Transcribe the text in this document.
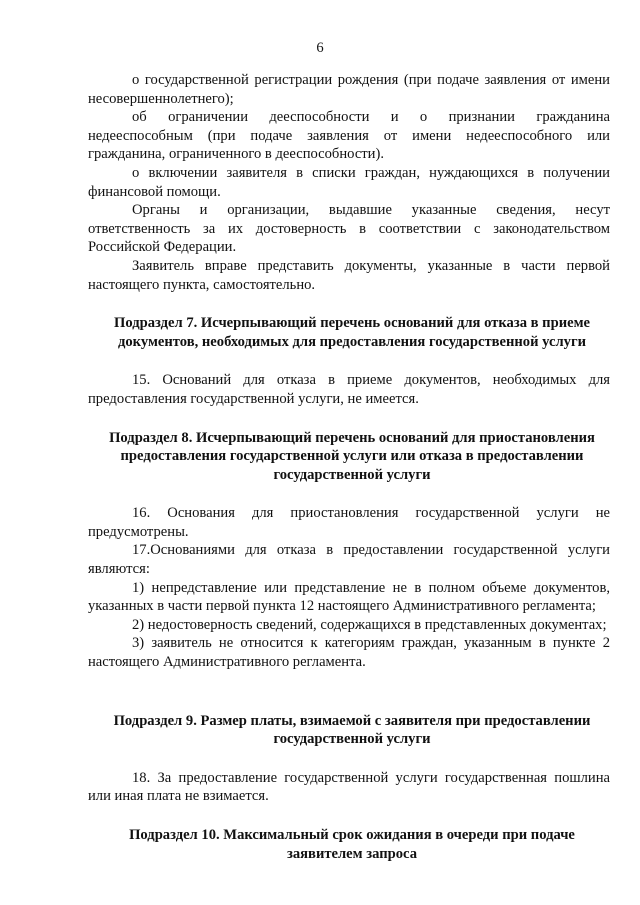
6

о государственной регистрации рождения (при подаче заявления от имени несовершеннолетнего);

об ограничении дееспособности и о признании гражданина недееспособным (при подаче заявления от имени недееспособного или гражданина, ограниченного в дееспособности).

о включении заявителя в списки граждан, нуждающихся в получении финансовой помощи.

Органы и организации, выдавшие указанные сведения, несут ответственность за их достоверность в соответствии с законодательством Российской Федерации.

Заявитель вправе представить документы, указанные в части первой настоящего пункта, самостоятельно.

Подраздел 7. Исчерпывающий перечень оснований для отказа в приеме документов, необходимых для предоставления государственной услуги

15. Оснований для отказа в приеме документов, необходимых для предоставления государственной услуги, не имеется.

Подраздел 8. Исчерпывающий перечень оснований для приостановления предоставления государственной услуги или отказа в предоставлении государственной услуги

16. Основания для приостановления государственной услуги не предусмотрены.

17.Основаниями для отказа в предоставлении государственной услуги являются:

1) непредставление или представление не в полном объеме документов, указанных в части первой пункта 12 настоящего Административного регламента;

2) недостоверность сведений, содержащихся в представленных документах;

3) заявитель не относится к категориям граждан, указанным в пункте 2 настоящего Административного регламента.

Подраздел 9. Размер платы, взимаемой с заявителя при предоставлении государственной услуги

18. За предоставление государственной услуги государственная пошлина или иная плата не взимается.

Подраздел 10. Максимальный срок ожидания в очереди при подаче заявителем запроса
